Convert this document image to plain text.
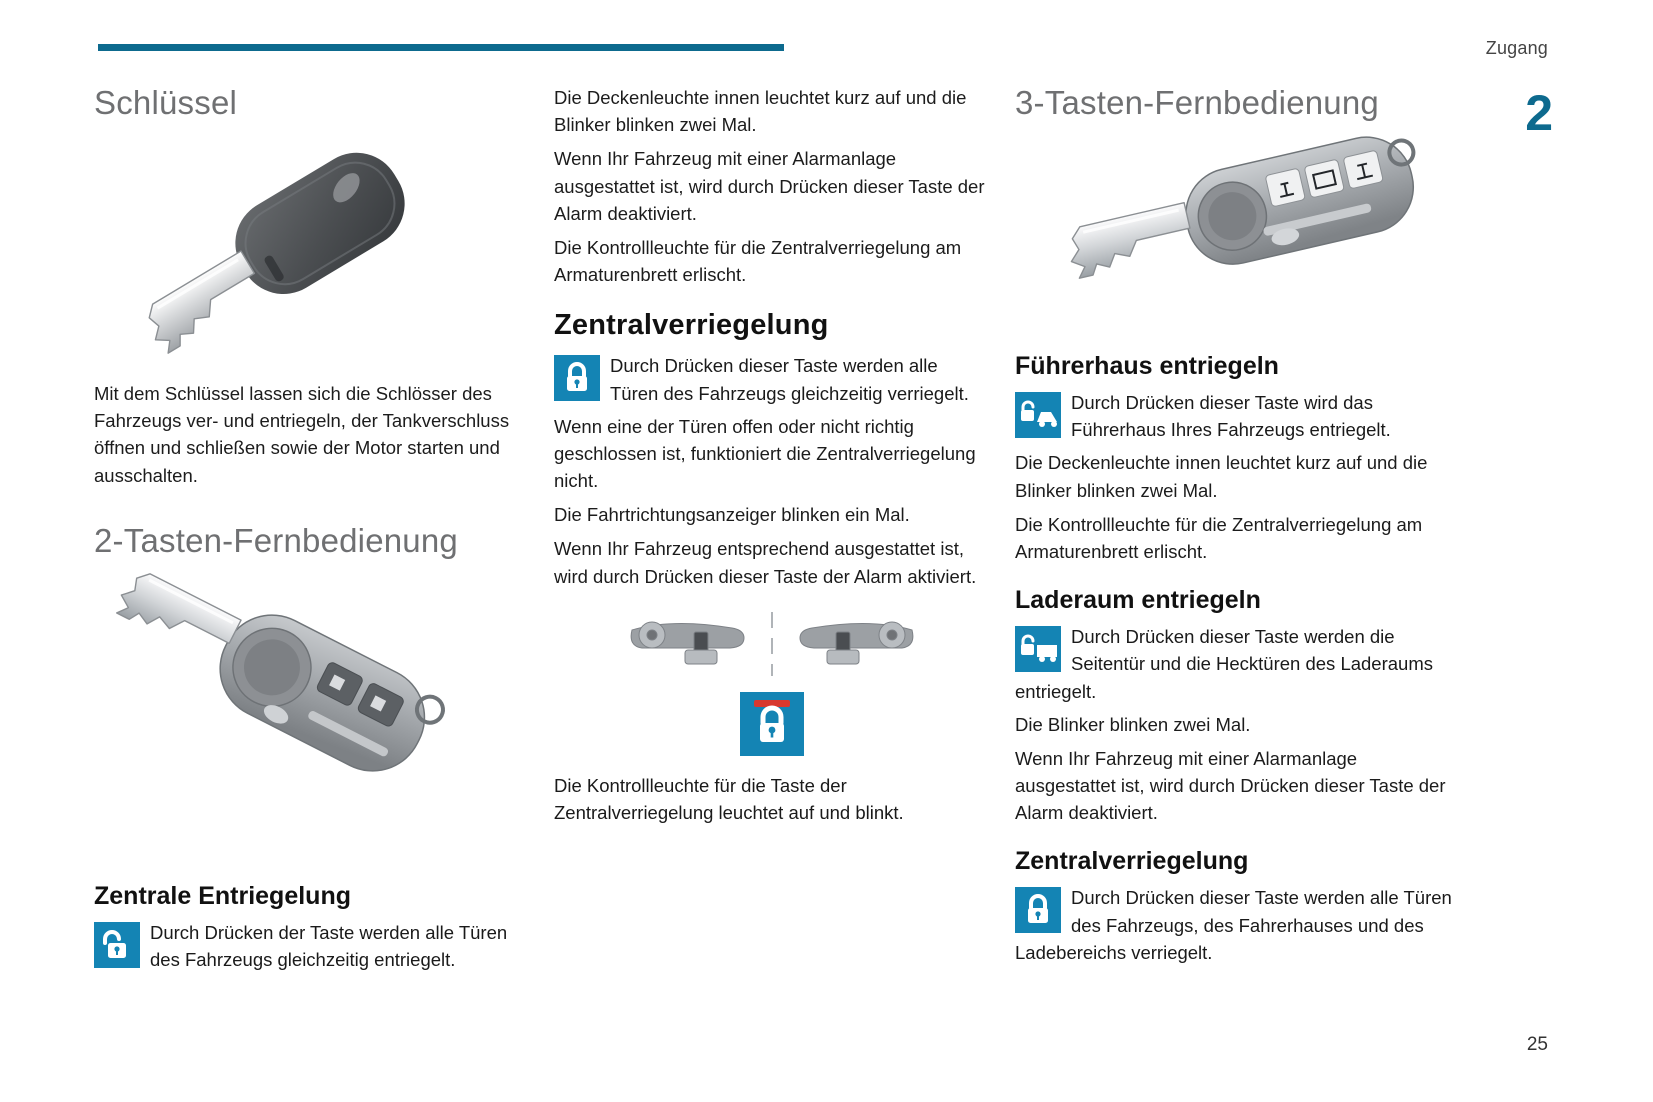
Zugang
2
25
Schlüssel

Mit dem Schlüssel lassen sich die Schlösser des Fahrzeugs ver- und entriegeln, der Tankverschluss öffnen und schließen sowie der Motor starten und ausschalten.

2-Tasten-Fernbedienung
Zentrale Entriegelung
Durch Drücken der Taste werden alle Türen des Fahrzeugs gleichzeitig entriegelt.

Die Deckenleuchte innen leuchtet kurz auf und die Blinker blinken zwei Mal.

Wenn Ihr Fahrzeug mit einer Alarmanlage ausgestattet ist, wird durch Drücken dieser Taste der Alarm deaktiviert.

Die Kontrollleuchte für die Zentralverriegelung am Armaturenbrett erlischt.

Zentralverriegelung
Durch Drücken dieser Taste werden alle Türen des Fahrzeugs gleichzeitig verriegelt.

Wenn eine der Türen offen oder nicht richtig geschlossen ist, funktioniert die Zentralverriegelung nicht.

Die Fahrtrichtungsanzeiger blinken ein Mal.

Wenn Ihr Fahrzeug entsprechend ausgestattet ist, wird durch Drücken dieser Taste der Alarm aktiviert.

Die Kontrollleuchte für die Taste der Zentralverriegelung leuchtet auf und blinkt.

3-Tasten-Fernbedienung
Führerhaus entriegeln
Durch Drücken dieser Taste wird das Führerhaus Ihres Fahrzeugs entriegelt.

Die Deckenleuchte innen leuchtet kurz auf und die Blinker blinken zwei Mal.

Die Kontrollleuchte für die Zentralverriegelung am Armaturenbrett erlischt.

Laderaum entriegeln
Durch Drücken dieser Taste werden die Seitentür und die Hecktüren des Laderaums entriegelt.

Die Blinker blinken zwei Mal.

Wenn Ihr Fahrzeug mit einer Alarmanlage ausgestattet ist, wird durch Drücken dieser Taste der Alarm deaktiviert.

Zentralverriegelung
Durch Drücken dieser Taste werden alle Türen des Fahrzeugs, des Fahrerhauses und des Ladebereichs verriegelt.
